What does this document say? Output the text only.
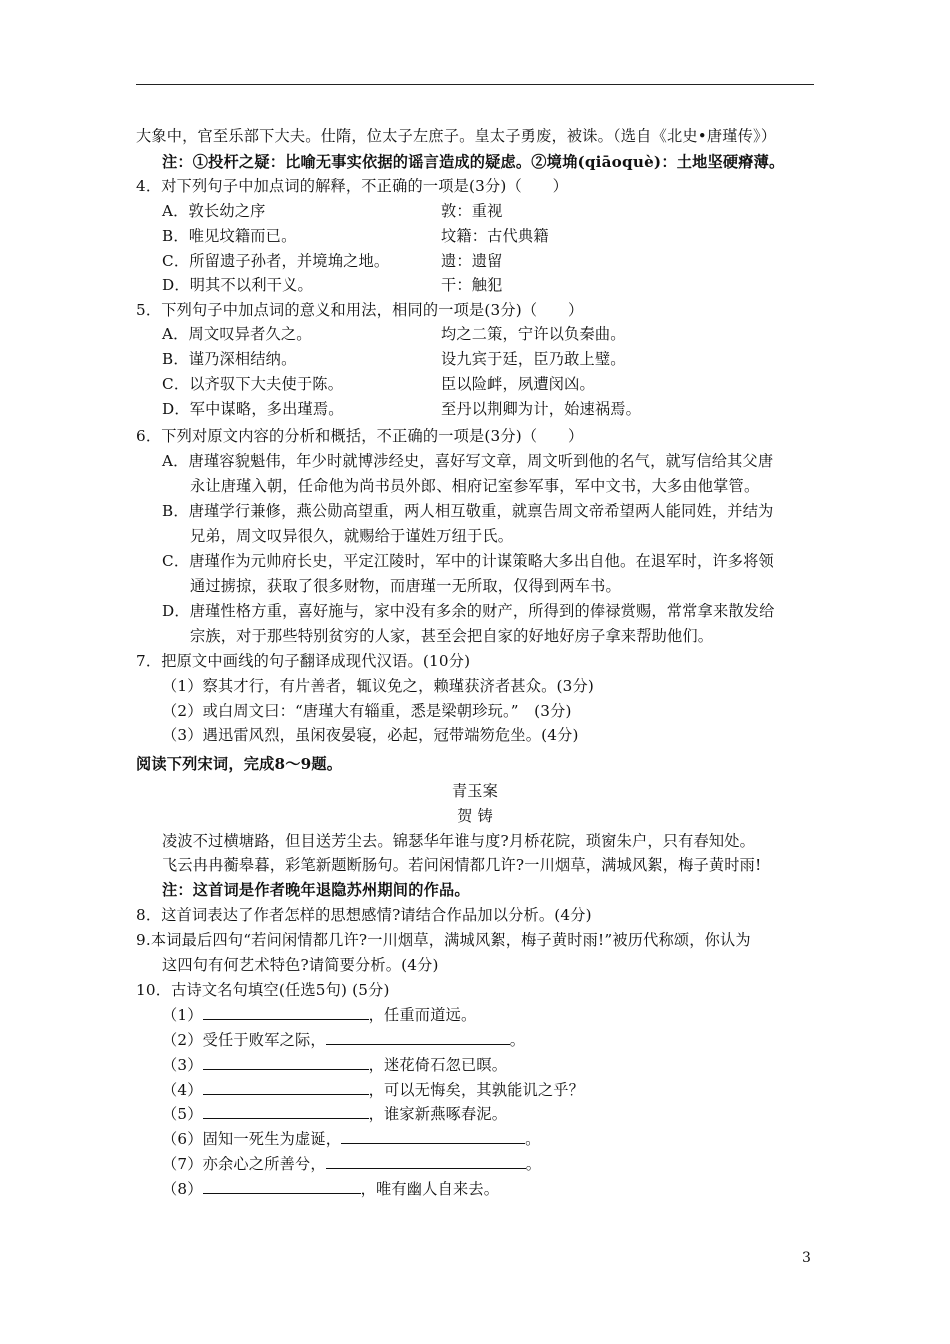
大象中，官至乐部下大夫。仕隋，位太子左庶子。皇太子勇废，被诛。（选自《北史•唐瑾传》）
注：①投杆之疑：比喻无事实依据的谣言造成的疑虑。②境埆(qiāoquè)：土地坚硬瘠薄。
4．对下列句子中加点词的解释，不正确的一项是(3分)（　　）
A．敦长幼之序	敦：重视
B．唯见坟籍而已。	坟籍：古代典籍
C．所留遗子孙者，并境埆之地。	遗：遗留
D．明其不以利干义。	干：触犯
5．下列句子中加点词的意义和用法，相同的一项是(3分)（　　）
A．周文叹异者久之。	均之二策，宁许以负秦曲。
B．谨乃深相结纳。	设九宾于廷，臣乃敢上璧。
C．以齐驭下大夫使于陈。	臣以险衅，夙遭闵凶。
D．军中谋略，多出瑾焉。	至丹以荆卿为计，始速祸焉。
6．下列对原文内容的分析和概括，不正确的一项是(3分)（　　）
A．唐瑾容貌魁伟，年少时就博涉经史，喜好写文章，周文听到他的名气，就写信给其父唐
永让唐瑾入朝，任命他为尚书员外郎、相府记室参军事，军中文书，大多由他掌管。
B．唐瑾学行兼修，燕公勋高望重，两人相互敬重，就禀告周文帝希望两人能同姓，并结为
兄弟，周文叹异很久，就赐给于谨姓万纽于氏。
C．唐瑾作为元帅府长史，平定江陵时，军中的计谋策略大多出自他。在退军时，许多将领
通过掳掠，获取了很多财物，而唐瑾一无所取，仅得到两车书。
D．唐瑾性格方重，喜好施与，家中没有多余的财产，所得到的俸禄赏赐，常常拿来散发给
宗族，对于那些特别贫穷的人家，甚至会把自家的好地好房子拿来帮助他们。
7．把原文中画线的句子翻译成现代汉语。(10分)
（1）察其才行，有片善者，辄议免之，赖瑾获济者甚众。(3分)
（2）或白周文曰：“唐瑾大有辎重，悉是梁朝珍玩。”　(3分)
（3）遇迅雷风烈，虽闲夜晏寝，必起，冠带端笏危坐。(4分)
阅读下列宋词，完成8～9题。
青玉案
贺 铸
凌波不过横塘路，但目送芳尘去。锦瑟华年谁与度?月桥花院，琐窗朱户，只有春知处。
飞云冉冉蘅皋暮，彩笔新题断肠句。若问闲情都几许?一川烟草，满城风絮，梅子黄时雨!
注：这首词是作者晚年退隐苏州期间的作品。
8．这首词表达了作者怎样的思想感情?请结合作品加以分析。(4分)
9.本词最后四句“若问闲情都几许?一川烟草，满城风絮，梅子黄时雨!”被历代称颂，你认为
这四句有何艺术特色?请简要分析。(4分)
10．古诗文名句填空(任选5句) (5分)
（1）	，任重而道远。
（2）受任于败军之际，	。
（3）	，迷花倚石忽已暝。
（4）	，可以无悔矣，其孰能讥之乎？
（5）	，谁家新燕啄春泥。
（6）固知一死生为虚诞，	。
（7）亦余心之所善兮，	。
（8）	，唯有幽人自来去。
3
